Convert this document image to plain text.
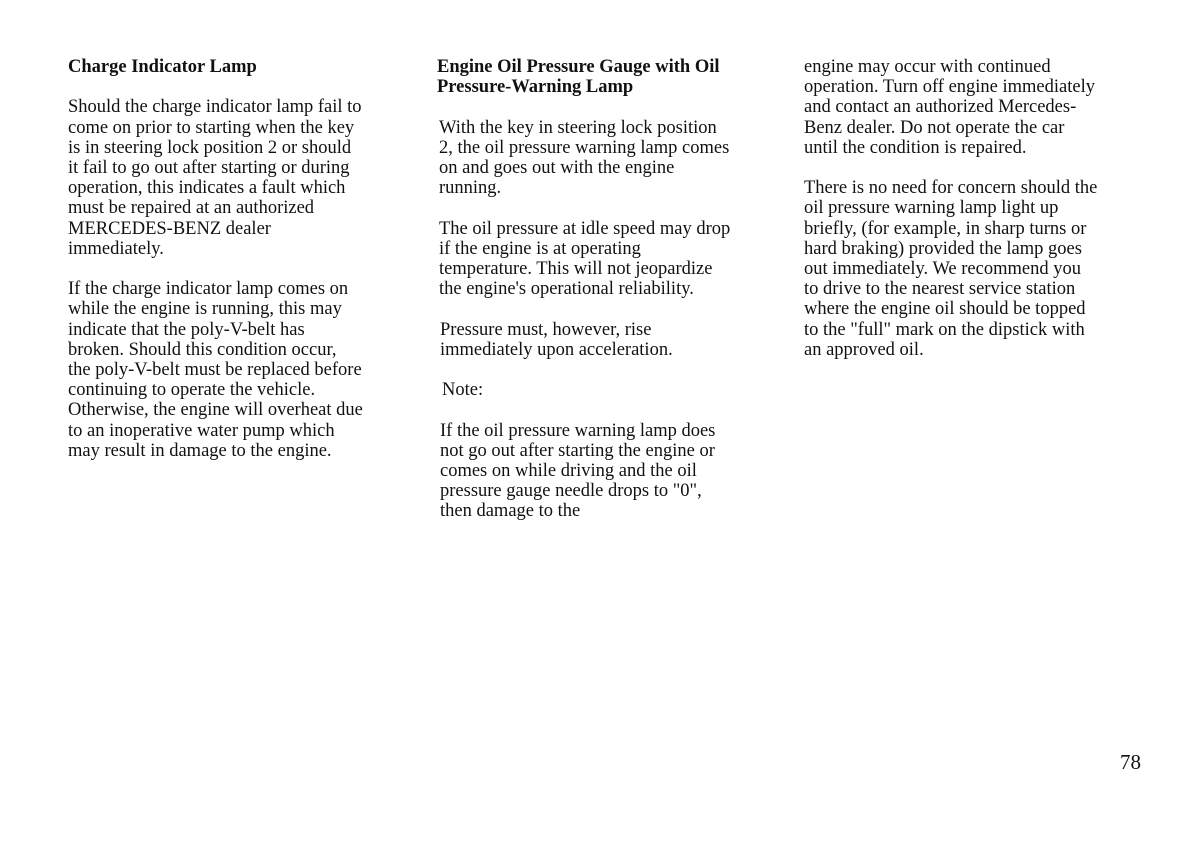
Charge Indicator Lamp
Should the charge indicator lamp fail to
come on prior to starting when the key
is in steering lock position 2 or should
it fail to go out after starting or during
operation, this indicates a fault which
must be repaired at an authorized
MERCEDES-BENZ dealer
immediately.
If the charge indicator lamp comes on
while the engine is running, this may
indicate that the poly-V-belt has
broken. Should this condition occur,
the poly-V-belt must be replaced before
continuing to operate the vehicle.
Otherwise, the engine will overheat due
to an inoperative water pump which
may result in damage to the engine.
Engine Oil Pressure Gauge with Oil
Pressure-Warning Lamp
With the key in steering lock position
2, the oil pressure warning lamp comes
on and goes out with the engine
running.
The oil pressure at idle speed may drop
if the engine is at operating
temperature. This will not jeopardize
the engine's operational reliability.
Pressure must, however, rise
immediately upon acceleration.
Note:
If the oil pressure warning lamp does
not go out after starting the engine or
comes on while driving and the oil
pressure gauge needle drops to "0",
then damage to the
engine may occur with continued
operation. Turn off engine immediately
and contact an authorized Mercedes-
Benz dealer. Do not operate the car
until the condition is repaired.
There is no need for concern should the
oil pressure warning lamp light up
briefly, (for example, in sharp turns or
hard braking) provided the lamp goes
out immediately. We recommend you
to drive to the nearest service station
where the engine oil should be topped
to the "full" mark on the dipstick with
an approved oil.
78
